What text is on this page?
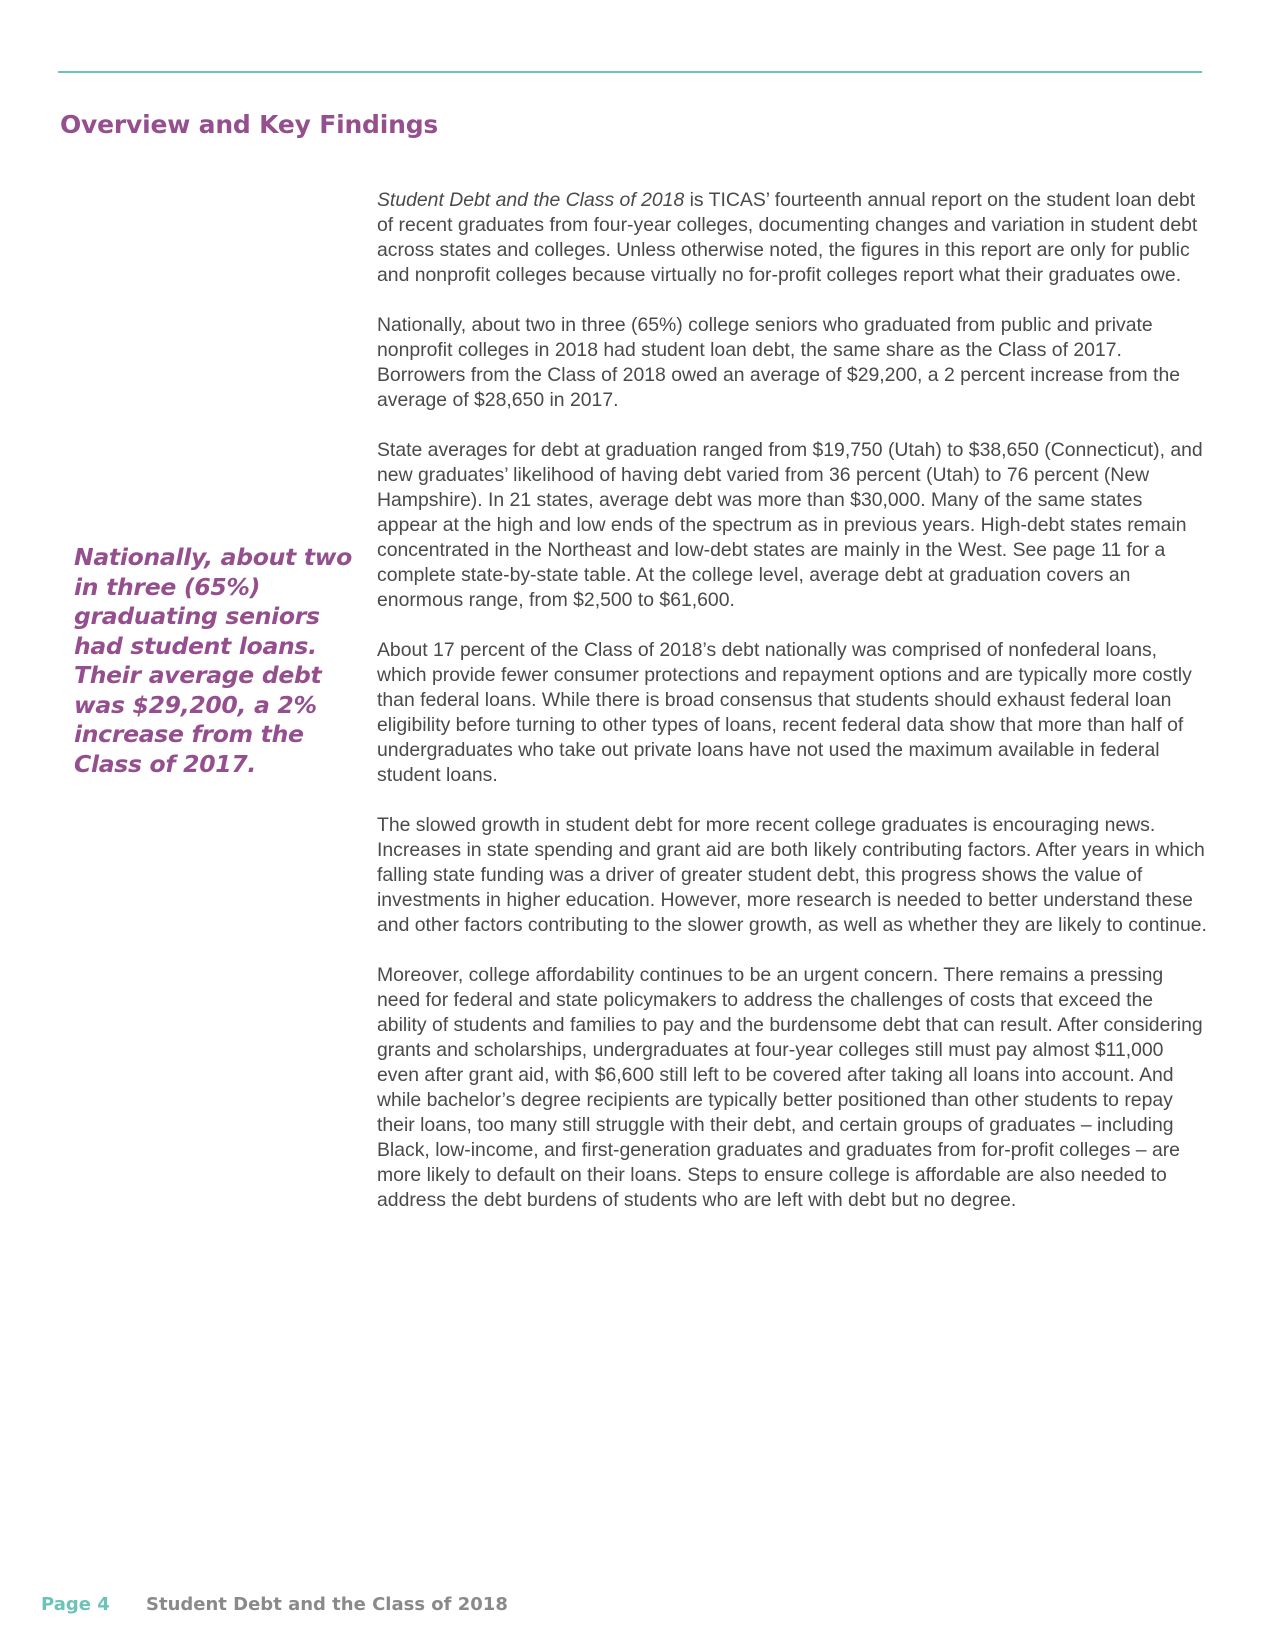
Overview and Key Findings

Nationally, about two in three (65%) graduating seniors had student loans. Their average debt was $29,200, a 2% increase from the Class of 2017.

Student Debt and the Class of 2018 is TICAS’ fourteenth annual report on the student loan debt of recent graduates from four-year colleges, documenting changes and variation in student debt across states and colleges. Unless otherwise noted, the figures in this report are only for public and nonprofit colleges because virtually no for-profit colleges report what their graduates owe.

Nationally, about two in three (65%) college seniors who graduated from public and private nonprofit colleges in 2018 had student loan debt, the same share as the Class of 2017. Borrowers from the Class of 2018 owed an average of $29,200, a 2 percent increase from the average of $28,650 in 2017.

State averages for debt at graduation ranged from $19,750 (Utah) to $38,650 (Connecticut), and new graduates’ likelihood of having debt varied from 36 percent (Utah) to 76 percent (New Hampshire). In 21 states, average debt was more than $30,000. Many of the same states appear at the high and low ends of the spectrum as in previous years. High-debt states remain concentrated in the Northeast and low-debt states are mainly in the West. See page 11 for a complete state-by-state table. At the college level, average debt at graduation covers an enormous range, from $2,500 to $61,600.

About 17 percent of the Class of 2018’s debt nationally was comprised of nonfederal loans, which provide fewer consumer protections and repayment options and are typically more costly than federal loans. While there is broad consensus that students should exhaust federal loan eligibility before turning to other types of loans, recent federal data show that more than half of undergraduates who take out private loans have not used the maximum available in federal student loans.

The slowed growth in student debt for more recent college graduates is encouraging news. Increases in state spending and grant aid are both likely contributing factors. After years in which falling state funding was a driver of greater student debt, this progress shows the value of investments in higher education. However, more research is needed to better understand these and other factors contributing to the slower growth, as well as whether they are likely to continue.

Moreover, college affordability continues to be an urgent concern. There remains a pressing need for federal and state policymakers to address the challenges of costs that exceed the ability of students and families to pay and the burdensome debt that can result. After considering grants and scholarships, undergraduates at four-year colleges still must pay almost $11,000 even after grant aid, with $6,600 still left to be covered after taking all loans into account. And while bachelor’s degree recipients are typically better positioned than other students to repay their loans, too many still struggle with their debt, and certain groups of graduates – including Black, low-income, and first-generation graduates and graduates from for-profit colleges – are more likely to default on their loans. Steps to ensure college is affordable are also needed to address the debt burdens of students who are left with debt but no degree.

Page 4 Student Debt and the Class of 2018
